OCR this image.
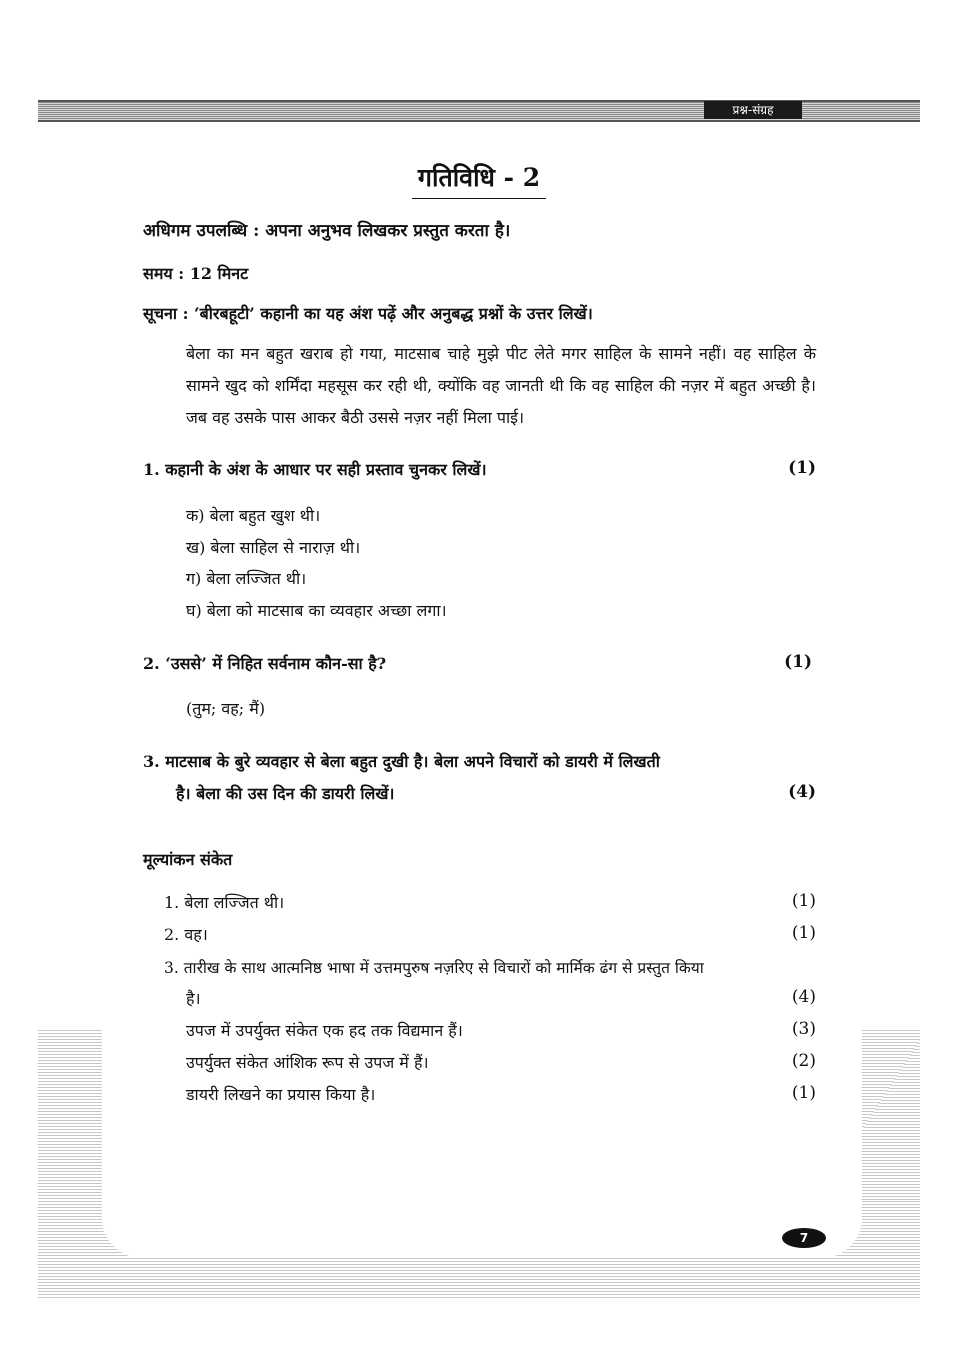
प्रश्न-संग्रह
गतिविधि - 2
अधिगम उपलब्धि : अपना अनुभव लिखकर प्रस्तुत करता है।
समय : 12 मिनट
सूचना : ‘बीरबहूटी’ कहानी का यह अंश पढ़ें और अनुबद्ध प्रश्नों के उत्तर लिखें।
बेला का मन बहुत खराब हो गया, माटसाब चाहे मुझे पीट लेते मगर साहिल के सामने नहीं। वह साहिल के सामने खुद को शर्मिंदा महसूस कर रही थी, क्योंकि वह जानती थी कि वह साहिल की नज़र में बहुत अच्छी है। जब वह उसके पास आकर बैठी उससे नज़र नहीं मिला पाई।
1. कहानी के अंश के आधार पर सही प्रस्ताव चुनकर लिखें।	(1)
क) बेला बहुत खुश थी।
ख) बेला साहिल से नाराज़ थी।
ग) बेला लज्जित थी।
घ) बेला को माटसाब का व्यवहार अच्छा लगा।
2. ‘उससे’ में निहित सर्वनाम कौन-सा है?	(1)
(तुम; वह; मैं)
3. माटसाब के बुरे व्यवहार से बेला बहुत दुखी है। बेला अपने विचारों को डायरी में लिखती
है। बेला की उस दिन की डायरी लिखें।	(4)
मूल्यांकन संकेत
1. बेला लज्जित थी।	(1)
2. वह।	(1)
3. तारीख के साथ आत्मनिष्ठ भाषा में उत्तमपुरुष नज़रिए से विचारों को मार्मिक ढंग से प्रस्तुत किया
है।	(4)
उपज में उपर्युक्त संकेत एक हद तक विद्यमान हैं।	(3)
उपर्युक्त संकेत आंशिक रूप से उपज में हैं।	(2)
डायरी लिखने का प्रयास किया है।	(1)
7
